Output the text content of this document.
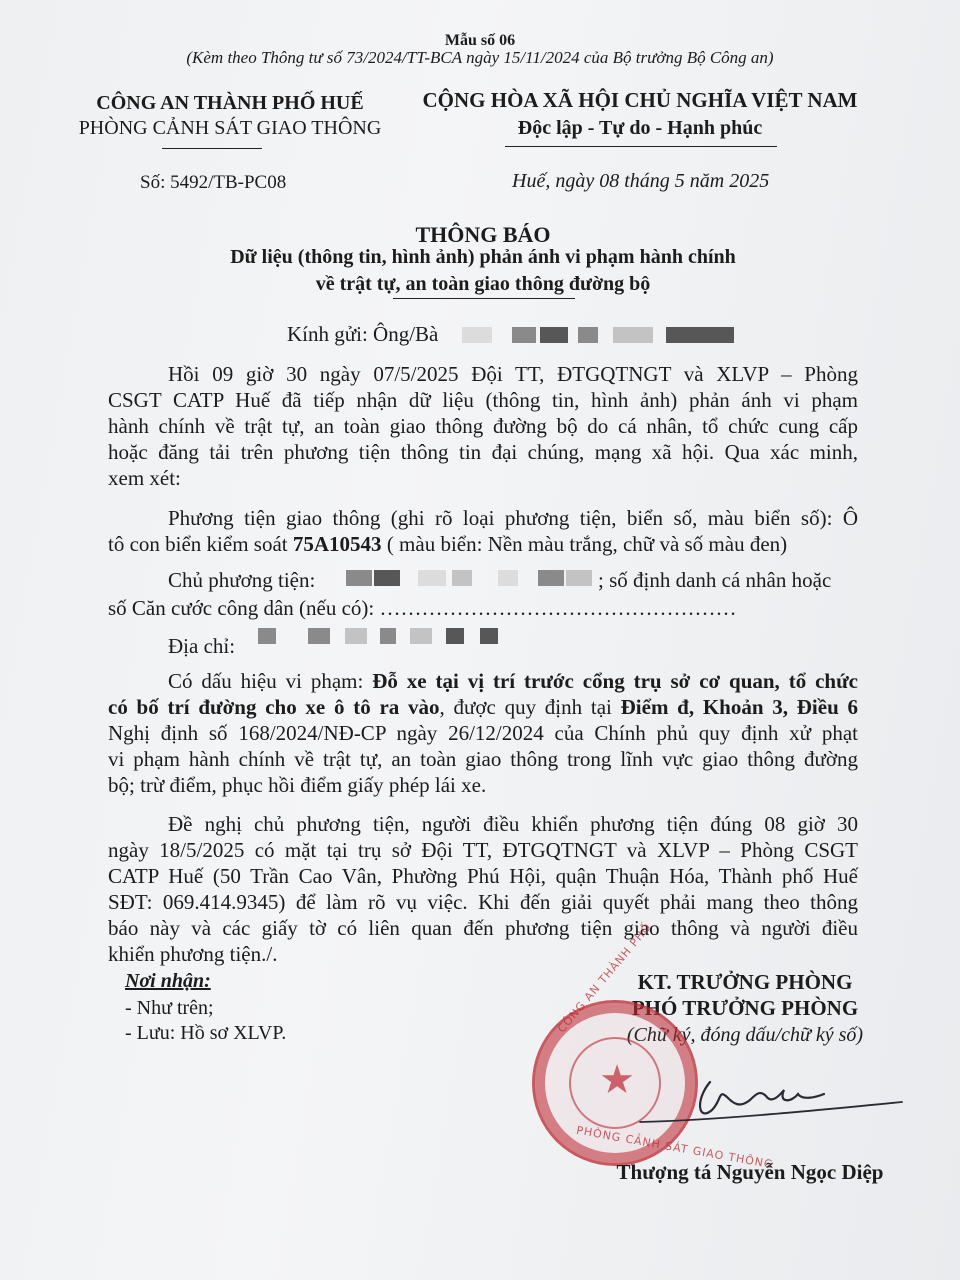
Mẫu số 06
(Kèm theo Thông tư số 73/2024/TT-BCA ngày 15/11/2024 của Bộ trưởng Bộ Công an)
CÔNG AN THÀNH PHỐ HUẾ
PHÒNG CẢNH SÁT GIAO THÔNG
CỘNG HÒA XÃ HỘI CHỦ NGHĨA VIỆT NAM
Độc lập - Tự do - Hạnh phúc
Số: 5492/TB-PC08	Huế, ngày 08 tháng 5 năm 2025
THÔNG BÁO
Dữ liệu (thông tin, hình ảnh) phản ánh vi phạm hành chính
về trật tự, an toàn giao thông đường bộ
Kính gửi: Ông/Bà
Hồi 09 giờ 30 ngày 07/5/2025 Đội TT, ĐTGQTNGT và XLVP – Phòng
CSGT CATP Huế đã tiếp nhận dữ liệu (thông tin, hình ảnh) phản ánh vi phạm
hành chính về trật tự, an toàn giao thông đường bộ do cá nhân, tổ chức cung cấp
hoặc đăng tải trên phương tiện thông tin đại chúng, mạng xã hội. Qua xác minh,
xem xét:
Phương tiện giao thông (ghi rõ loại phương tiện, biển số, màu biển số): Ô
tô con biển kiểm soát 75A10543 ( màu biển: Nền màu trắng, chữ và số màu đen)
Chủ phương tiện:	; số định danh cá nhân hoặc
số Căn cước công dân (nếu có): ……………………………………………
Địa chỉ:
Có dấu hiệu vi phạm: Đỗ xe tại vị trí trước cổng trụ sở cơ quan, tổ chức
có bố trí đường cho xe ô tô ra vào, được quy định tại Điểm đ, Khoản 3, Điều 6
Nghị định số 168/2024/NĐ-CP ngày 26/12/2024 của Chính phủ quy định xử phạt
vi phạm hành chính về trật tự, an toàn giao thông trong lĩnh vực giao thông đường
bộ; trừ điểm, phục hồi điểm giấy phép lái xe.
Đề nghị chủ phương tiện, người điều khiển phương tiện đúng 08 giờ 30
ngày 18/5/2025 có mặt tại trụ sở Đội TT, ĐTGQTNGT và XLVP – Phòng CSGT
CATP Huế (50 Trần Cao Vân, Phường Phú Hội, quận Thuận Hóa, Thành phố Huế
SĐT: 069.414.9345) để làm rõ vụ việc. Khi đến giải quyết phải mang theo thông
báo này và các giấy tờ có liên quan đến phương tiện giao thông và người điều
khiển phương tiện./.
Nơi nhận:
- Như trên;
- Lưu: Hồ sơ XLVP.
KT. TRƯỞNG PHÒNG
PHÓ TRƯỞNG PHÒNG
(Chữ ký, đóng dấu/chữ ký số)
CÔNG AN THÀNH PHỐ
PHÒNG CẢNH SÁT GIAO THÔNG
★
Thượng tá Nguyễn Ngọc Diệp
